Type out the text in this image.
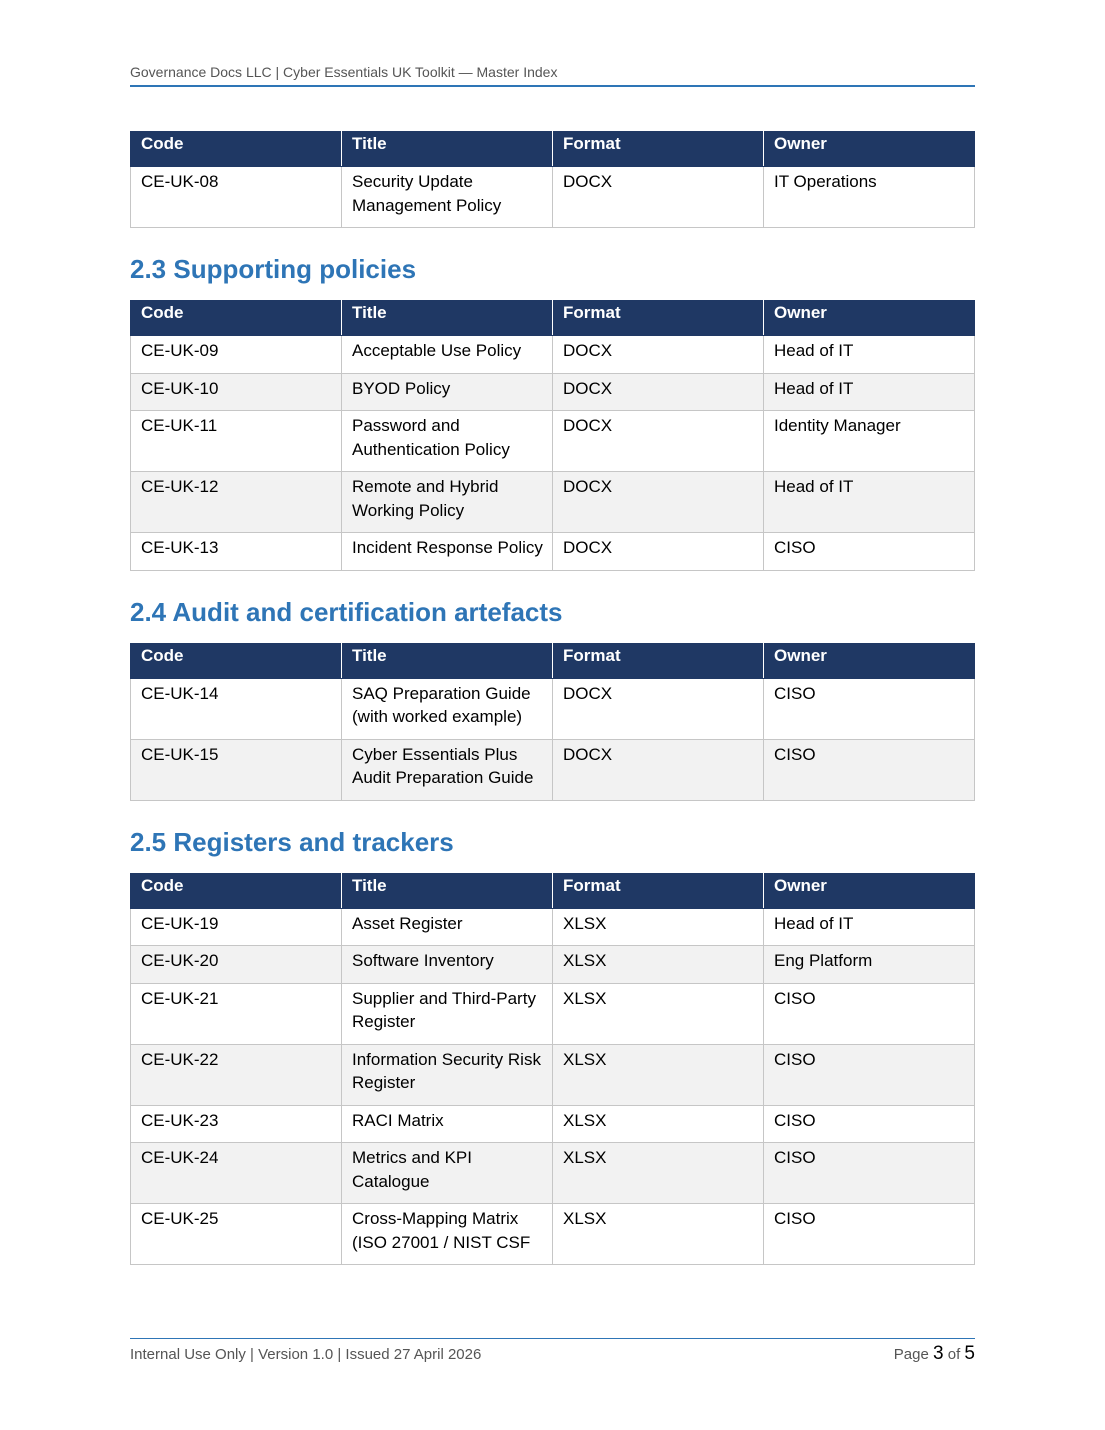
Governance Docs LLC | Cyber Essentials UK Toolkit — Master Index
Code	Title	Format	Owner
CE-UK-08	Security Update Management Policy	DOCX	IT Operations
2.3 Supporting policies
Code	Title	Format	Owner
CE-UK-09	Acceptable Use Policy	DOCX	Head of IT
CE-UK-10	BYOD Policy	DOCX	Head of IT
CE-UK-11	Password and Authentication Policy	DOCX	Identity Manager
CE-UK-12	Remote and Hybrid Working Policy	DOCX	Head of IT
CE-UK-13	Incident Response Policy	DOCX	CISO
2.4 Audit and certification artefacts
Code	Title	Format	Owner
CE-UK-14	SAQ Preparation Guide (with worked example)	DOCX	CISO
CE-UK-15	Cyber Essentials Plus Audit Preparation Guide	DOCX	CISO
2.5 Registers and trackers
Code	Title	Format	Owner
CE-UK-19	Asset Register	XLSX	Head of IT
CE-UK-20	Software Inventory	XLSX	Eng Platform
CE-UK-21	Supplier and Third-Party Register	XLSX	CISO
CE-UK-22	Information Security Risk Register	XLSX	CISO
CE-UK-23	RACI Matrix	XLSX	CISO
CE-UK-24	Metrics and KPI Catalogue	XLSX	CISO
CE-UK-25	Cross-Mapping Matrix (ISO 27001 / NIST CSF	XLSX	CISO
Internal Use Only | Version 1.0 | Issued 27 April 2026	Page 3 of 5
